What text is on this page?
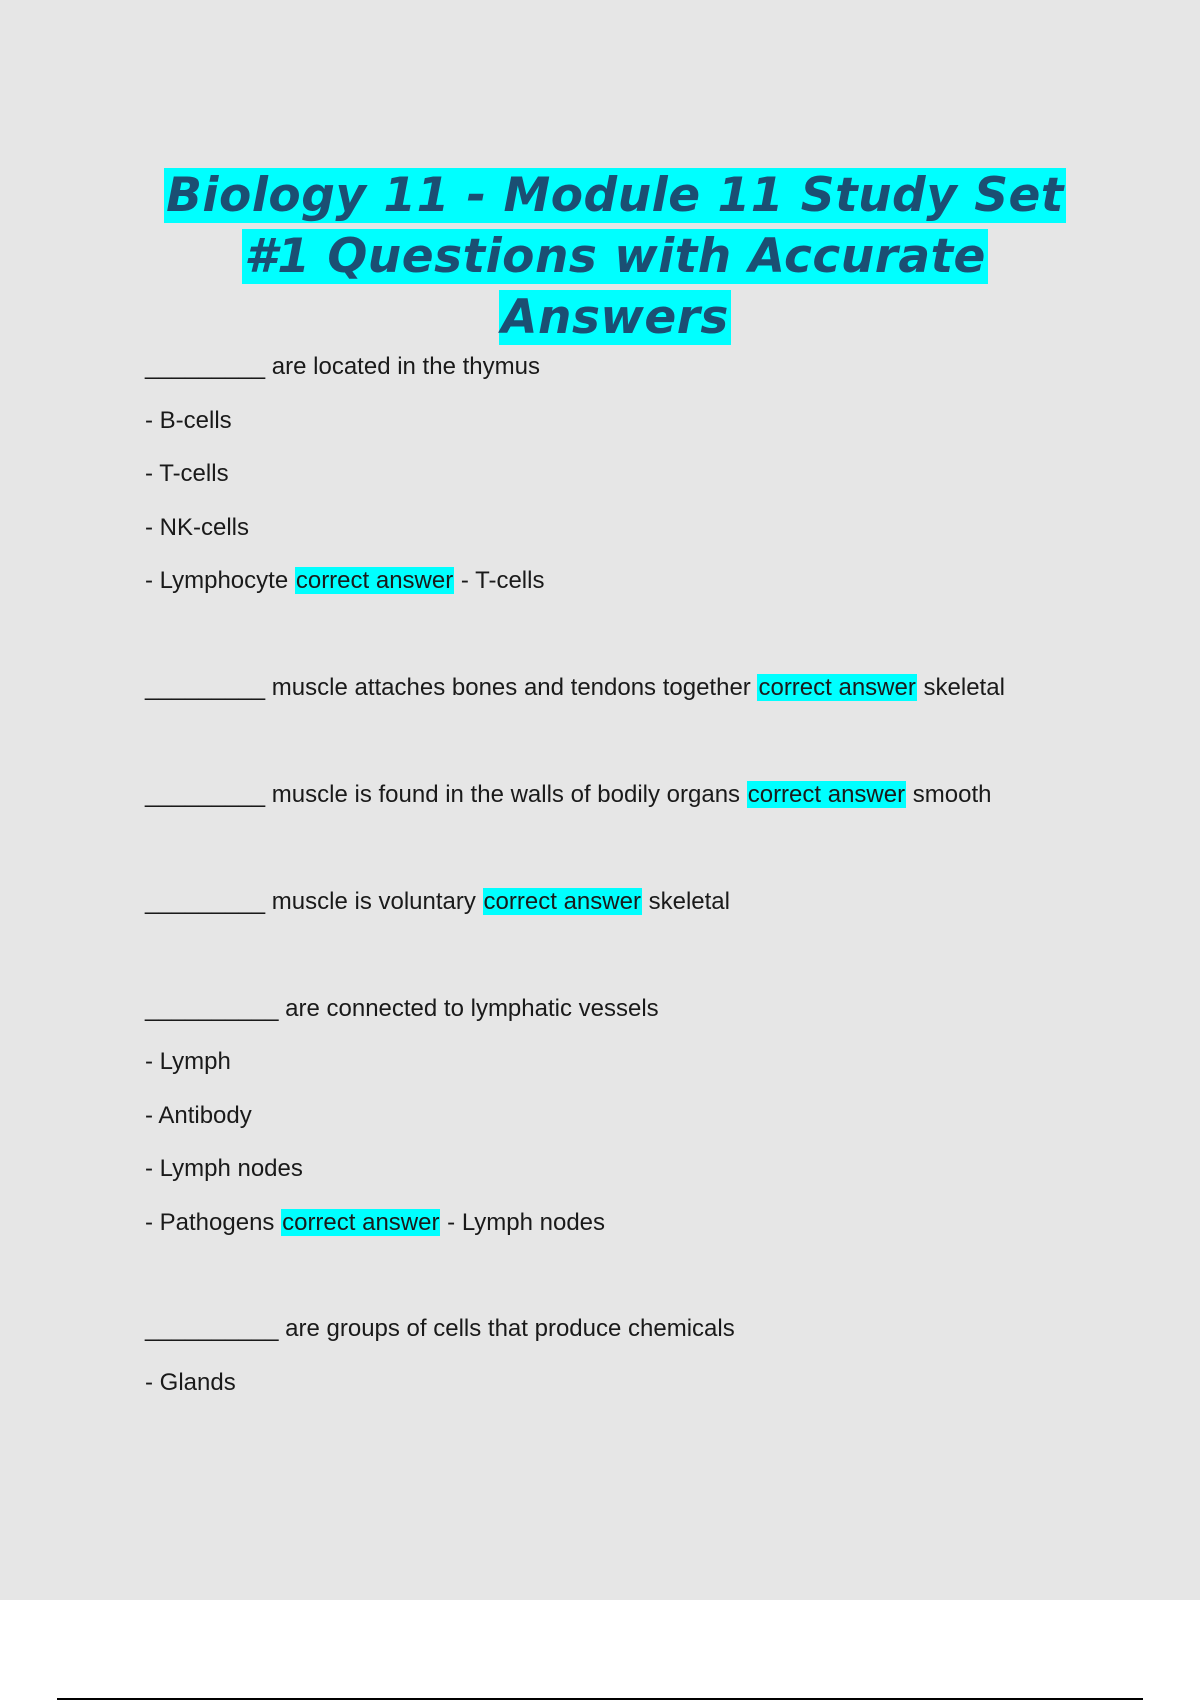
Biology 11 - Module 11 Study Set
#1 Questions with Accurate
Answers
_________ are located in the thymus
- B-cells
- T-cells
- NK-cells
- Lymphocyte correct answer - T-cells
_________ muscle attaches bones and tendons together correct answer skeletal
_________ muscle is found in the walls of bodily organs correct answer smooth
_________ muscle is voluntary correct answer skeletal
__________ are connected to lymphatic vessels
- Lymph
- Antibody
- Lymph nodes
- Pathogens correct answer - Lymph nodes
__________ are groups of cells that produce chemicals
- Glands
